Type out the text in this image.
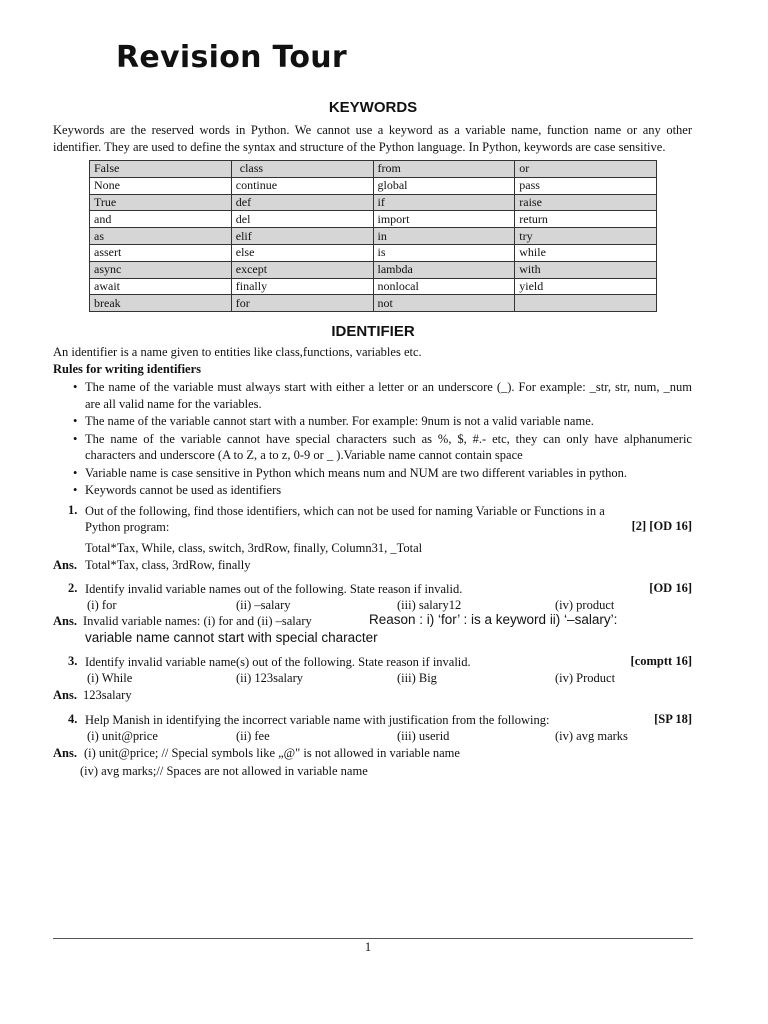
Revision Tour
KEYWORDS
Keywords are the reserved words in Python. We cannot use a keyword as a variable name, function name or any other identifier. They are used to define the syntax and structure of the Python language. In Python, keywords are case sensitive.
False	class	from	or
None	continue	global	pass
True	def	if	raise
and	del	import	return
as	elif	in	try
assert	else	is	while
async	except	lambda	with
await	finally	nonlocal	yield
break	for	not	
IDENTIFIER
An identifier is a name given to entities like class,functions, variables etc.
Rules for writing identifiers
• The name of the variable must always start with either a letter or an underscore (_). For example: _str, str, num, _num are all valid name for the variables.
• The name of the variable cannot start with a number. For example: 9num is not a valid variable name.
• The name of the variable cannot have special characters such as %, $, #.- etc, they can only have alphanumeric characters and underscore (A to Z, a to z, 0-9 or _ ).Variable name cannot contain space
• Variable name is case sensitive in Python which means num and NUM are two different variables in python.
• Keywords cannot be used as identifiers
1. Out of the following, find those identifiers, which can not be used for naming Variable or Functions in a Python program:	[2] [OD 16]
Total*Tax, While, class, switch, 3rdRow, finally, Column31, _Total
Ans. Total*Tax, class, 3rdRow, finally
2. Identify invalid variable names out of the following. State reason if invalid.	[OD 16]
(i) for	(ii) –salary	(iii) salary12	(iv) product
Ans. Invalid variable names: (i) for and (ii) –salary	Reason : i) ‘for’ : is a keyword ii) ‘–salary’:
variable name cannot start with special character
3. Identify invalid variable name(s) out of the following. State reason if invalid.	[comptt 16]
(i) While	(ii) 123salary	(iii) Big	(iv) Product
Ans. 123salary
4. Help Manish in identifying the incorrect variable name with justification from the following:	[SP 18]
(i) unit@price	(ii) fee	(iii) userid	(iv) avg marks
Ans. (i) unit@price; // Special symbols like „@" is not allowed in variable name
(iv) avg marks;// Spaces are not allowed in variable name
1
